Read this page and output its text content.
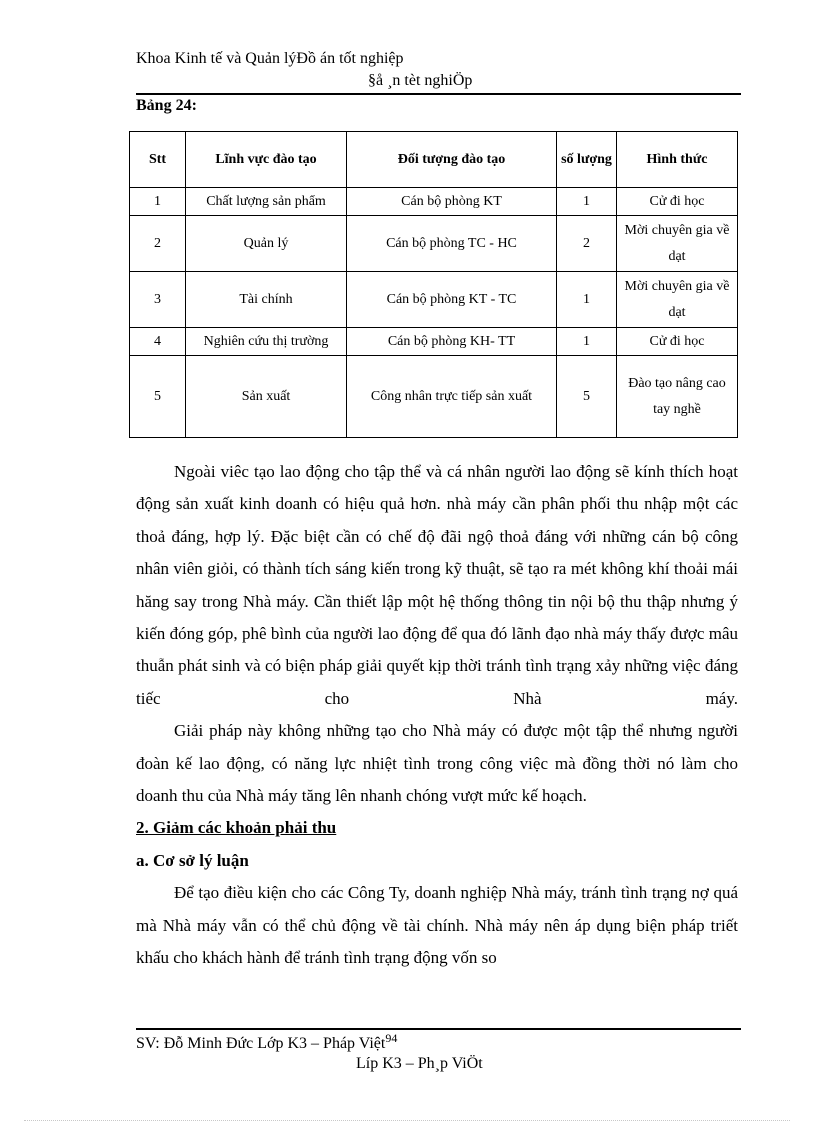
Khoa Kinh tế và Quản lýĐồ án tốt nghiệp
§å ¸n tèt nghiÖp
Bảng 24:
Stt	Lĩnh vực đào tạo	Đối tượng đào tạo	số lượng	Hình thức
1	Chất lượng sản phẩm	Cán bộ phòng KT	1	Cử đi học
2	Quản lý	Cán bộ phòng TC - HC	2	Mời chuyên gia về dạt
3	Tài chính	Cán bộ phòng KT - TC	1	Mời chuyên gia về dạt
4	Nghiên cứu thị trường	Cán bộ phòng KH- TT	1	Cử đi học
5	Sản xuất	Công nhân trực tiếp sản xuất	5	Đào tạo nâng cao tay nghề

Ngoài viêc tạo lao động cho tập thể và cá nhân người lao động sẽ kính thích hoạt động sản xuất kinh doanh có hiệu quả hơn. nhà máy cần phân phối thu nhập một các thoả đáng, hợp lý. Đặc biệt cần có chế độ đãi ngộ thoả đáng với những cán bộ công nhân viên giỏi, có thành tích sáng kiến trong kỹ thuật, sẽ tạo ra mét không khí thoải mái hăng say trong Nhà máy. Cần thiết lập một hệ thống thông tin nội bộ thu thập nhưng ý kiến đóng góp, phê bình của người lao động để qua đó lãnh đạo nhà máy thấy được mâu thuẫn phát sinh và có biện pháp giải quyết kịp thời tránh tình trạng xảy những việc đáng tiếc cho Nhà máy.

Giải pháp này không những tạo cho Nhà máy có được một tập thể nhưng người đoàn kế lao động, có năng lực nhiệt tình trong công việc mà đồng thời nó làm cho doanh thu của Nhà máy tăng lên nhanh chóng vượt mức kế hoạch.

2. Giảm các khoản phải thu

a. Cơ sở lý luận

Để tạo điều kiện cho các Công Ty, doanh nghiệp Nhà máy, tránh tình trạng nợ quá mà Nhà máy vẫn có thể chủ động về tài chính. Nhà máy nên áp dụng biện pháp triết khấu cho khách hành để tránh tình trạng động vốn so

SV: Đỗ Minh Đức Lớp K3 – Pháp Việt$^{94}$
Líp K3 – Ph¸p ViÖt
